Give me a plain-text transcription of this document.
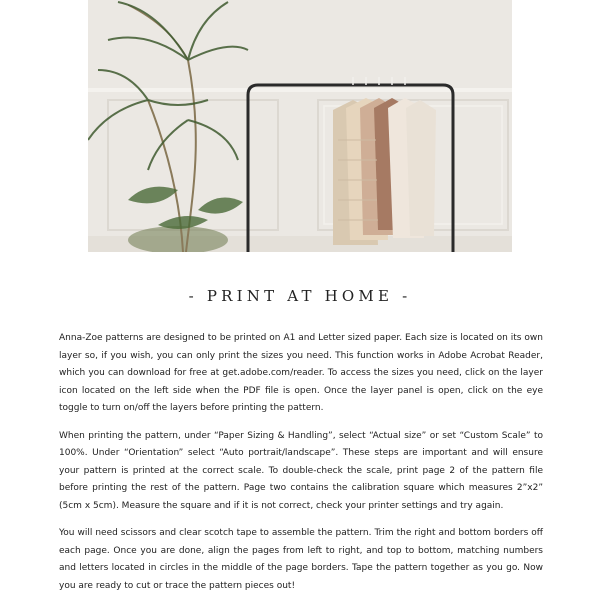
- PRINT AT HOME -

Anna-Zoe patterns are designed to be printed on A1 and Letter sized paper. Each size is located on its own layer so, if you wish, you can only print the sizes you need. This function works in Adobe Acrobat Reader, which you can download for free at get.adobe.com/reader. To access the sizes you need, click on the layer icon located on the left side when the PDF file is open. Once the layer panel is open, click on the eye toggle to turn on/off the layers before printing the pattern.

When printing the pattern, under “Paper Sizing & Handling”, select “Actual size” or set “Custom Scale” to 100%. Under “Orientation” select “Auto portrait/landscape”. These steps are important and will ensure your pattern is printed at the correct scale. To double-check the scale, print page 2 of the pattern file before printing the rest of the pattern. Page two contains the calibration square which measures 2”x2” (5cm x 5cm). Measure the square and if it is not correct, check your printer settings and try again.

You will need scissors and clear scotch tape to assemble the pattern. Trim the right and bottom borders off each page. Once you are done, align the pages from left to right, and top to bottom, matching numbers and letters located in circles in the middle of the page borders. Tape the pattern together as you go. Now you are ready to cut or trace the pattern pieces out!
